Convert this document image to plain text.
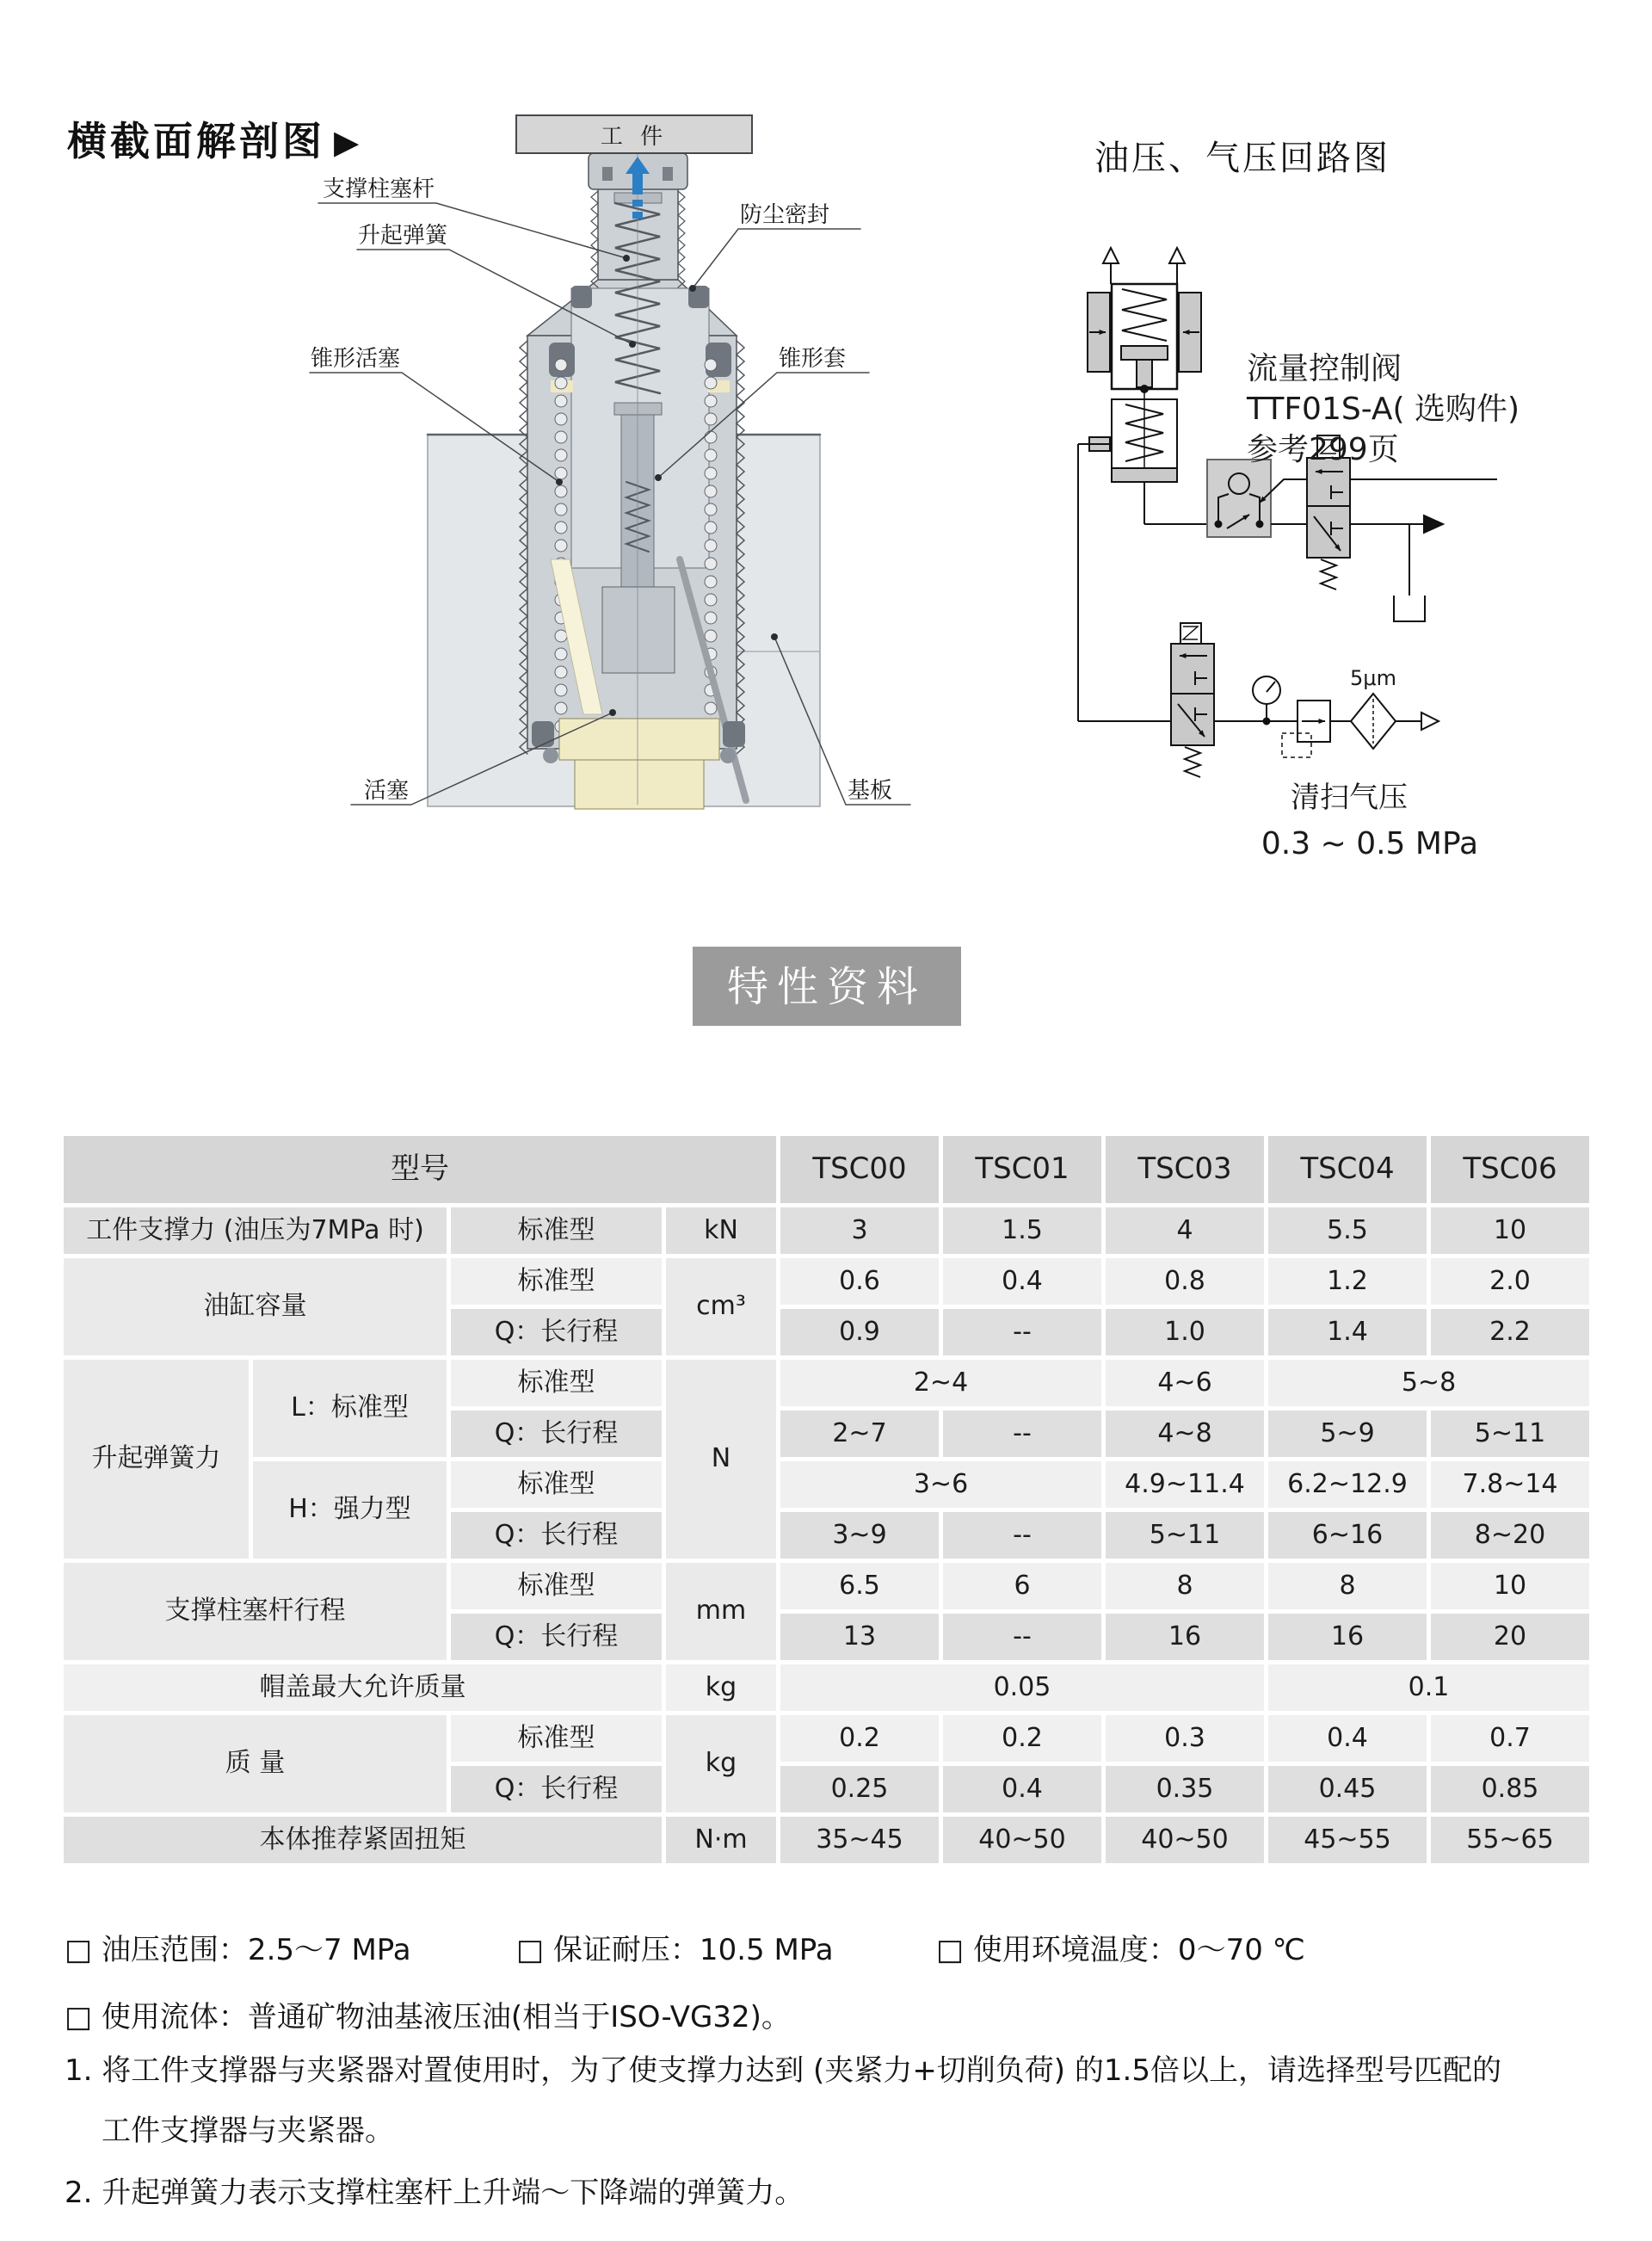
横截面解剖图 ▶	油压、气压回路图
工 件
支撑柱塞杆
升起弹簧
防尘密封
锥形活塞	锥形套
活塞	基板
流量控制阀
TTF01S-A( 选购件)
参考299页
5μm
清扫气压
0.3 ~ 0.5 MPa
特性资料
型号				TSC00	TSC01	TSC03	TSC04	TSC06
工件支撑力 (油压为7MPa 时)		标准型	kN	3	1.5	4	5.5	10
油缸容量		标准型	cm³	0.6	0.4	0.8	1.2	2.0
		Q：长行程		0.9	--	1.0	1.4	2.2
升起弹簧力	L：标准型	标准型	N	2~4		4~6	5~8	
		Q：长行程		2~7	--	4~8	5~9	5~11
	H：强力型	标准型		3~6		4.9~11.4	6.2~12.9	7.8~14
		Q：长行程		3~9	--	5~11	6~16	8~20
支撑柱塞杆行程		标准型	mm	6.5	6	8	8	10
		Q：长行程		13	--	16	16	20
帽盖最大允许质量			kg	0.05			0.1	
质 量		标准型	kg	0.2	0.2	0.3	0.4	0.7
		Q：长行程		0.25	0.4	0.35	0.45	0.85
本体推荐紧固扭矩			N·m	35~45	40~50	40~50	45~55	55~65
□ 油压范围：2.5～7 MPa	□ 保证耐压：10.5 MPa	□ 使用环境温度：0～70 ℃
□ 使用流体：普通矿物油基液压油(相当于ISO-VG32)。
1. 将工件支撑器与夹紧器对置使用时，为了使支撑力达到 (夹紧力+切削负荷) 的1.5倍以上，请选择型号匹配的
工件支撑器与夹紧器。
2. 升起弹簧力表示支撑柱塞杆上升端～下降端的弹簧力。
